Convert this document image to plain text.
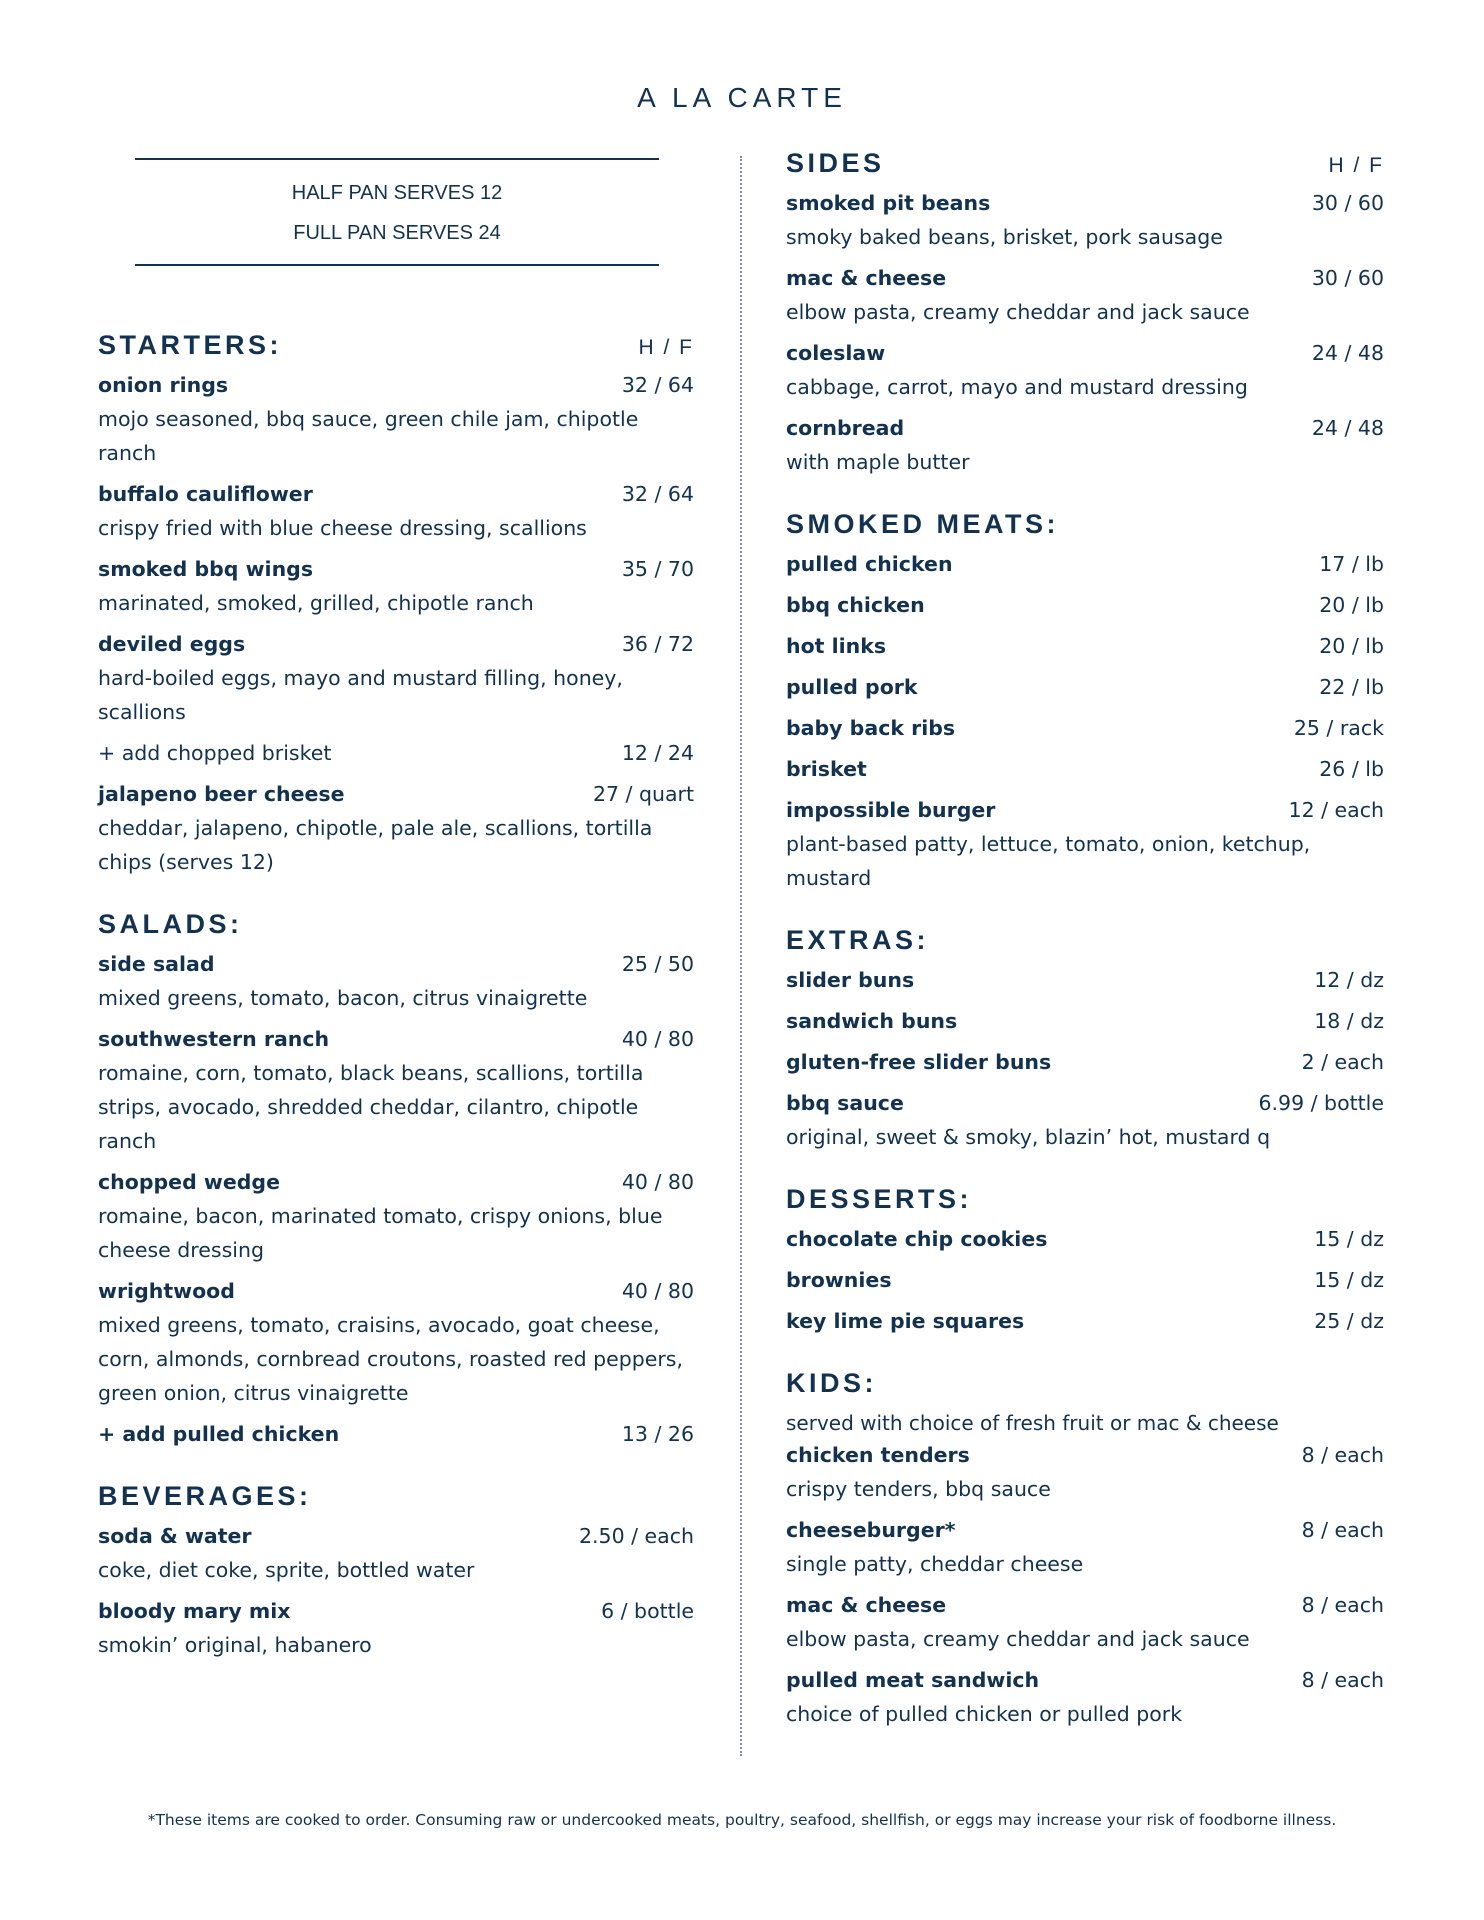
A LA CARTE
HALF PAN SERVES 12
FULL PAN SERVES 24
STARTERS:	H / F
onion rings	32 / 64
mojo seasoned, bbq sauce, green chile jam, chipotle ranch
buffalo cauliflower	32 / 64
crispy fried with blue cheese dressing, scallions
smoked bbq wings	35 / 70
marinated, smoked, grilled, chipotle ranch
deviled eggs	36 / 72
hard-boiled eggs, mayo and mustard filling, honey, scallions
+ add chopped brisket	12 / 24
jalapeno beer cheese	27 / quart
cheddar, jalapeno, chipotle, pale ale, scallions, tortilla chips (serves 12)
SALADS:
side salad	25 / 50
mixed greens, tomato, bacon, citrus vinaigrette
southwestern ranch	40 / 80
romaine, corn, tomato, black beans, scallions, tortilla strips, avocado, shredded cheddar, cilantro, chipotle ranch
chopped wedge	40 / 80
romaine, bacon, marinated tomato, crispy onions, blue cheese dressing
wrightwood	40 / 80
mixed greens, tomato, craisins, avocado, goat cheese, corn, almonds, cornbread croutons, roasted red peppers, green onion, citrus vinaigrette
+ add pulled chicken	13 / 26
BEVERAGES:
soda & water	2.50 / each
coke, diet coke, sprite, bottled water
bloody mary mix	6 / bottle
smokin’ original, habanero
SIDES	H / F
smoked pit beans	30 / 60
smoky baked beans, brisket, pork sausage
mac & cheese	30 / 60
elbow pasta, creamy cheddar and jack sauce
coleslaw	24 / 48
cabbage, carrot, mayo and mustard dressing
cornbread	24 / 48
with maple butter
SMOKED MEATS:
pulled chicken	17 / lb
bbq chicken	20 / lb
hot links	20 / lb
pulled pork	22 / lb
baby back ribs	25 / rack
brisket	26 / lb
impossible burger	12 / each
plant-based patty, lettuce, tomato, onion, ketchup, mustard
EXTRAS:
slider buns	12 / dz
sandwich buns	18 / dz
gluten-free slider buns	2 / each
bbq sauce	6.99 / bottle
original, sweet & smoky, blazin’ hot, mustard q
DESSERTS:
chocolate chip cookies	15 / dz
brownies	15 / dz
key lime pie squares	25 / dz
KIDS:
served with choice of fresh fruit or mac & cheese
chicken tenders	8 / each
crispy tenders, bbq sauce
cheeseburger*	8 / each
single patty, cheddar cheese
mac & cheese	8 / each
elbow pasta, creamy cheddar and jack sauce
pulled meat sandwich	8 / each
choice of pulled chicken or pulled pork
*These items are cooked to order. Consuming raw or undercooked meats, poultry, seafood, shellfish, or eggs may increase your risk of foodborne illness.
